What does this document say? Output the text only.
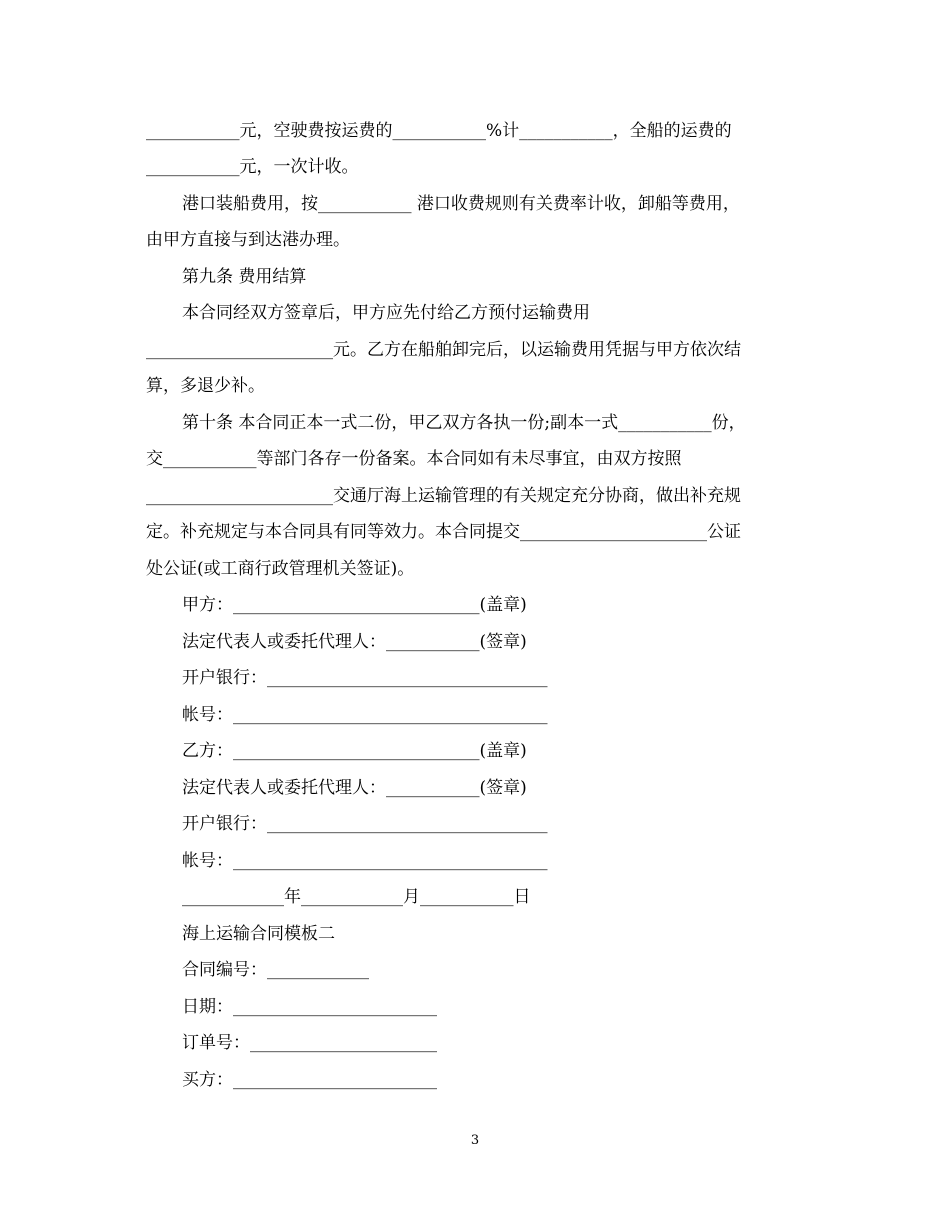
___________元，空驶费按运费的___________%计___________，全船的运费的

___________元，一次计收。

港口装船费用，按___________ 港口收费规则有关费率计收，卸船等费用，

由甲方直接与到达港办理。

第九条 费用结算

本合同经双方签章后，甲方应先付给乙方预付运输费用

______________________元。乙方在船舶卸完后，以运输费用凭据与甲方依次结

算，多退少补。

第十条 本合同正本一式二份，甲乙双方各执一份;副本一式___________份，

交___________等部门各存一份备案。本合同如有未尽事宜，由双方按照

______________________交通厅海上运输管理的有关规定充分协商，做出补充规

定。补充规定与本合同具有同等效力。本合同提交______________________公证

处公证(或工商行政管理机关签证)。

甲方：_____________________________(盖章)

法定代表人或委托代理人：___________(签章)

开户银行：_________________________________

帐号：_____________________________________

乙方：_____________________________(盖章)

法定代表人或委托代理人：___________(签章)

开户银行：_________________________________

帐号：_____________________________________

____________年____________月___________日

海上运输合同模板二

合同编号：____________

日期：________________________

订单号：______________________

买方：________________________

3
